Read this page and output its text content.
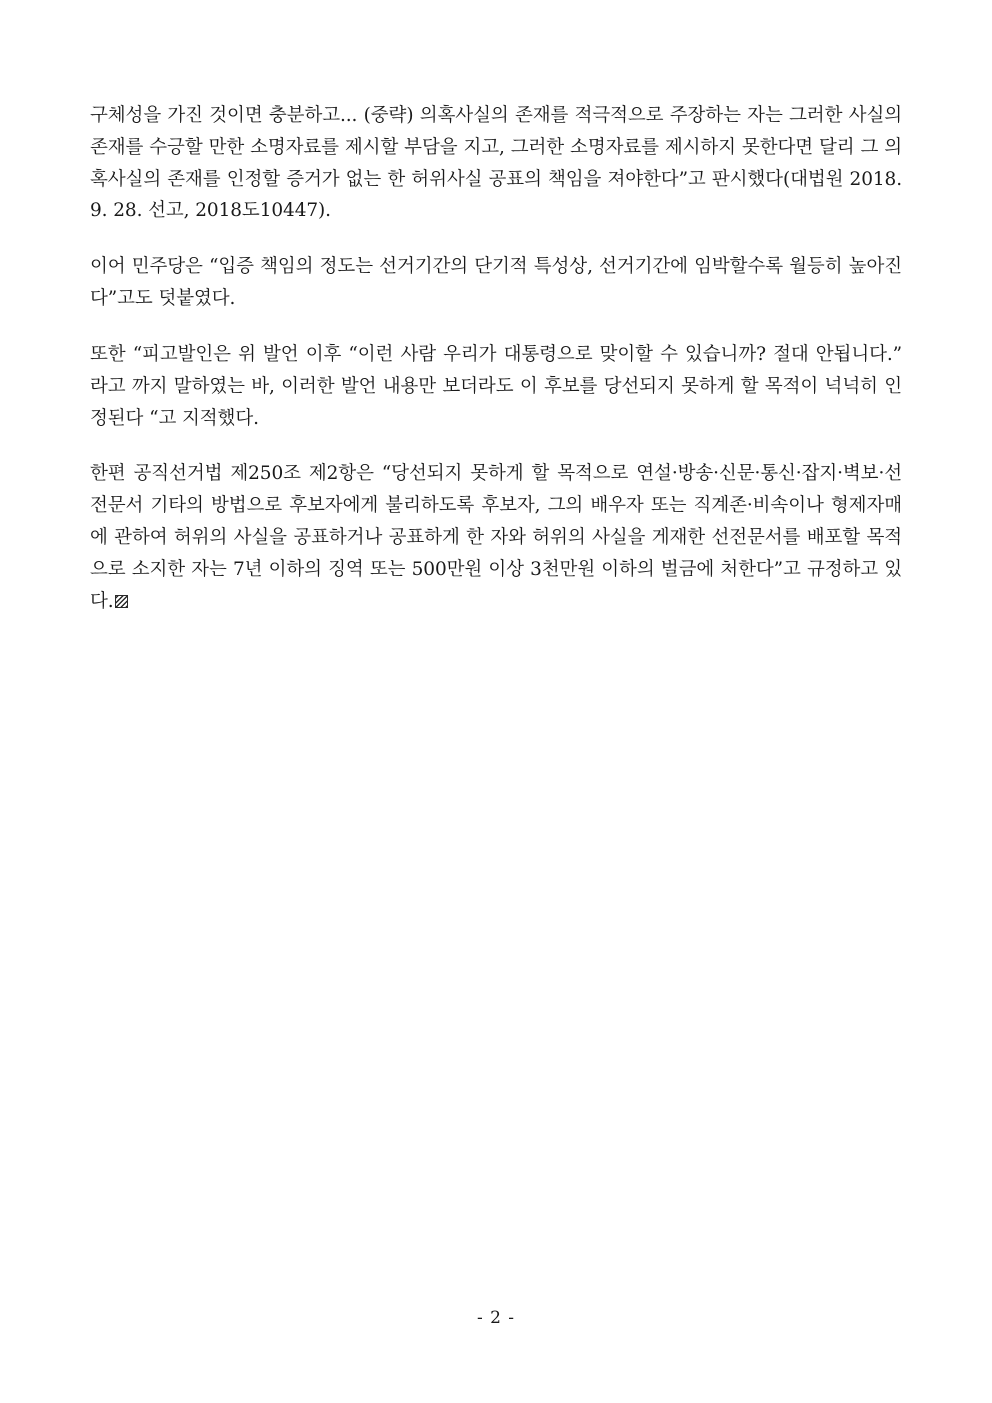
구체성을 가진 것이면 충분하고... (중략) 의혹사실의 존재를 적극적으로 주장하는 자는 그러한 사실의 존재를 수긍할 만한 소명자료를 제시할 부담을 지고, 그러한 소명자료를 제시하지 못한다면 달리 그 의혹사실의 존재를 인정할 증거가 없는 한 허위사실 공표의 책임을 져야한다”고 판시했다(대법원 2018. 9. 28. 선고, 2018도10447).

이어 민주당은 “입증 책임의 정도는 선거기간의 단기적 특성상, 선거기간에 임박할수록 월등히 높아진다”고도 덧붙였다.

또한 “피고발인은 위 발언 이후 “이런 사람 우리가 대통령으로 맞이할 수 있습니까? 절대 안됩니다.” 라고 까지 말하였는 바, 이러한 발언 내용만 보더라도 이 후보를 당선되지 못하게 할 목적이 넉넉히 인정된다 “고 지적했다.

한편 공직선거법 제250조 제2항은 “당선되지 못하게 할 목적으로 연설·방송·신문·통신·잡지·벽보·선전문서 기타의 방법으로 후보자에게 불리하도록 후보자, 그의 배우자 또는 직계존·비속이나 형제자매에 관하여 허위의 사실을 공표하거나 공표하게 한 자와 허위의 사실을 게재한 선전문서를 배포할 목적으로 소지한 자는 7년 이하의 징역 또는 500만원 이상 3천만원 이하의 벌금에 처한다”고 규정하고 있다.

- 2 -
